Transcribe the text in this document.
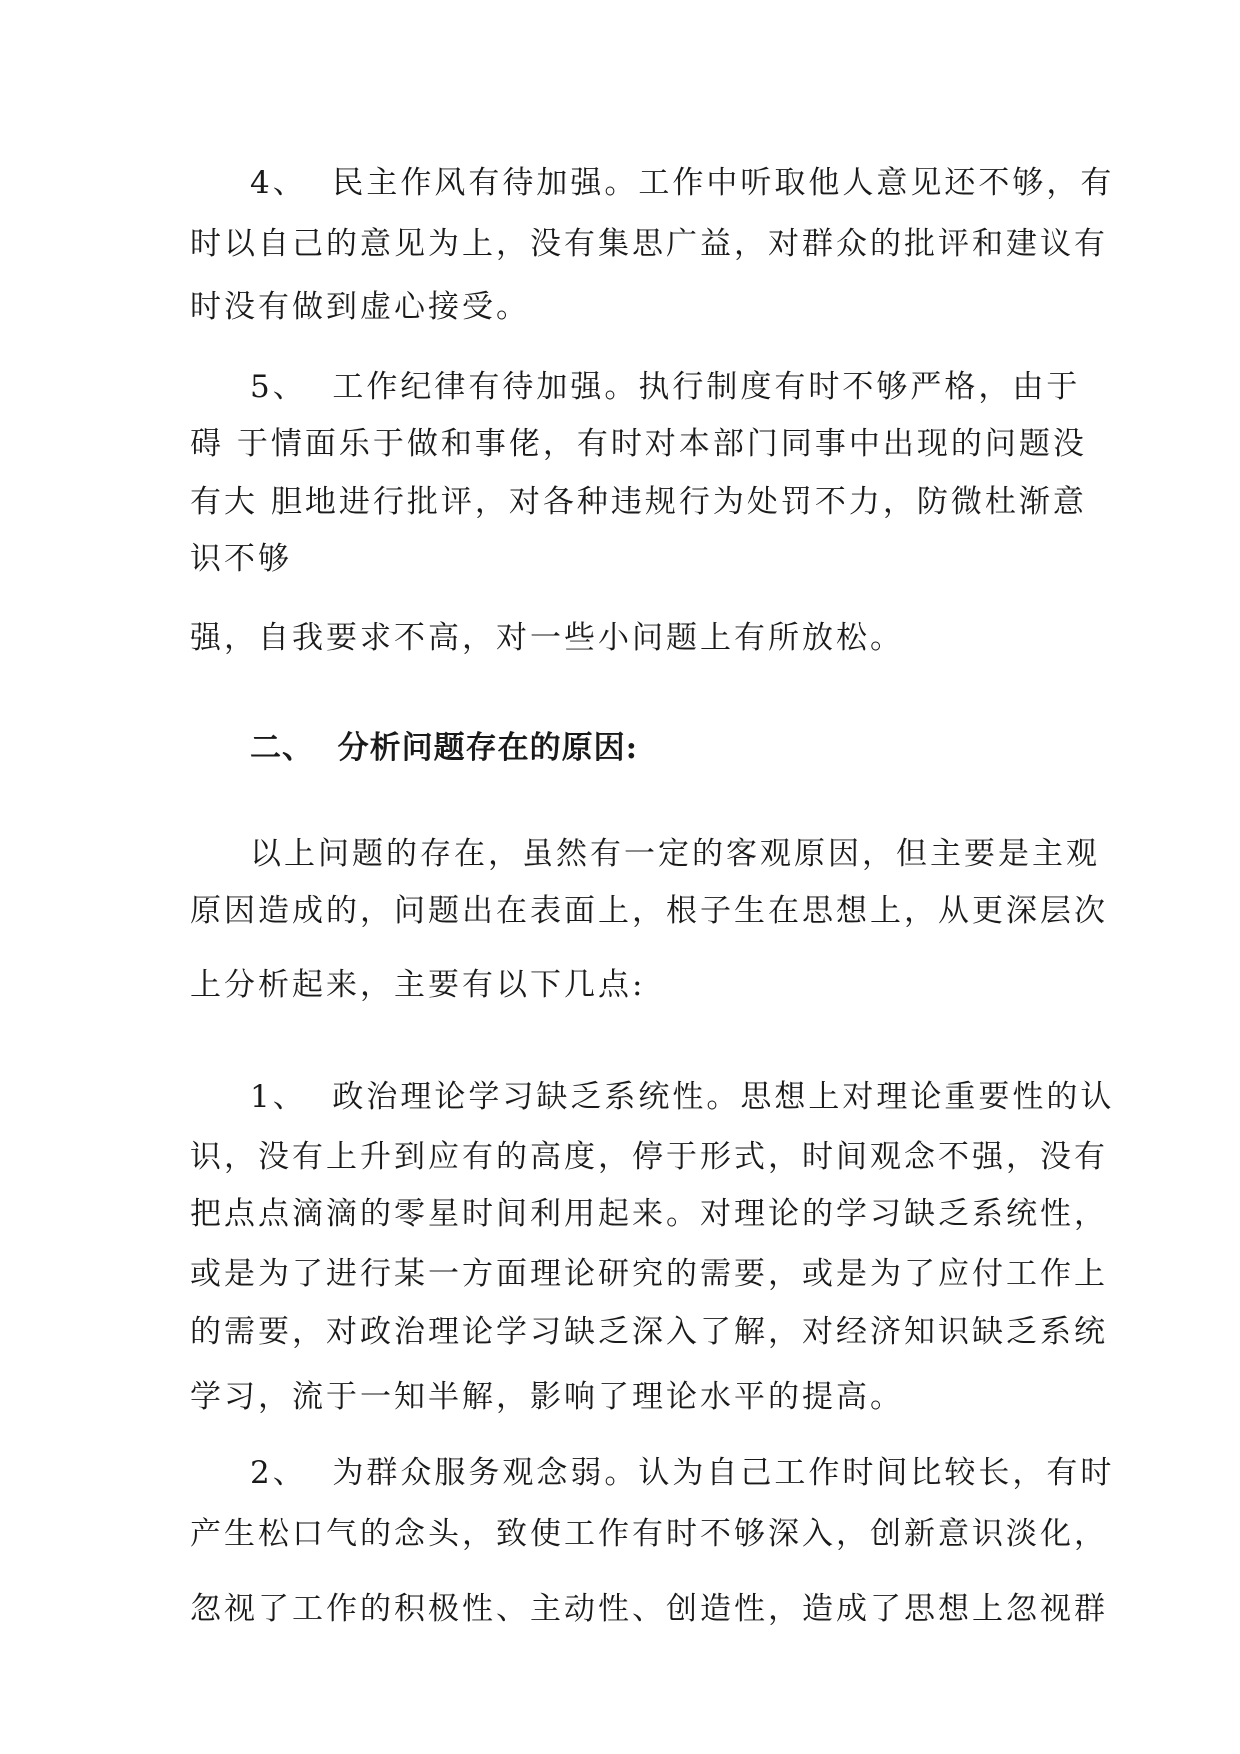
4、  民主作风有待加强。工作中听取他人意见还不够，有
时以自己的意见为上，没有集思广益，对群众的批评和建议有
时没有做到虚心接受。
5、  工作纪律有待加强。执行制度有时不够严格，由于
碍 于情面乐于做和事佬，有时对本部门同事中出现的问题没
有大 胆地进行批评，对各种违规行为处罚不力，防微杜渐意
识不够
强，自我要求不高，对一些小问题上有所放松。
二、  分析问题存在的原因:
以上问题的存在，虽然有一定的客观原因，但主要是主观
原因造成的，问题出在表面上，根子生在思想上，从更深层次
上分析起来，主要有以下几点:
1、  政治理论学习缺乏系统性。思想上对理论重要性的认
识，没有上升到应有的高度，停于形式，时间观念不强，没有
把点点滴滴的零星时间利用起来。对理论的学习缺乏系统性，
或是为了进行某一方面理论研究的需要，或是为了应付工作上
的需要，对政治理论学习缺乏深入了解，对经济知识缺乏系统
学习，流于一知半解，影响了理论水平的提高。
2、  为群众服务观念弱。认为自己工作时间比较长，有时
产生松口气的念头，致使工作有时不够深入，创新意识淡化，
忽视了工作的积极性、主动性、创造性，造成了思想上忽视群
